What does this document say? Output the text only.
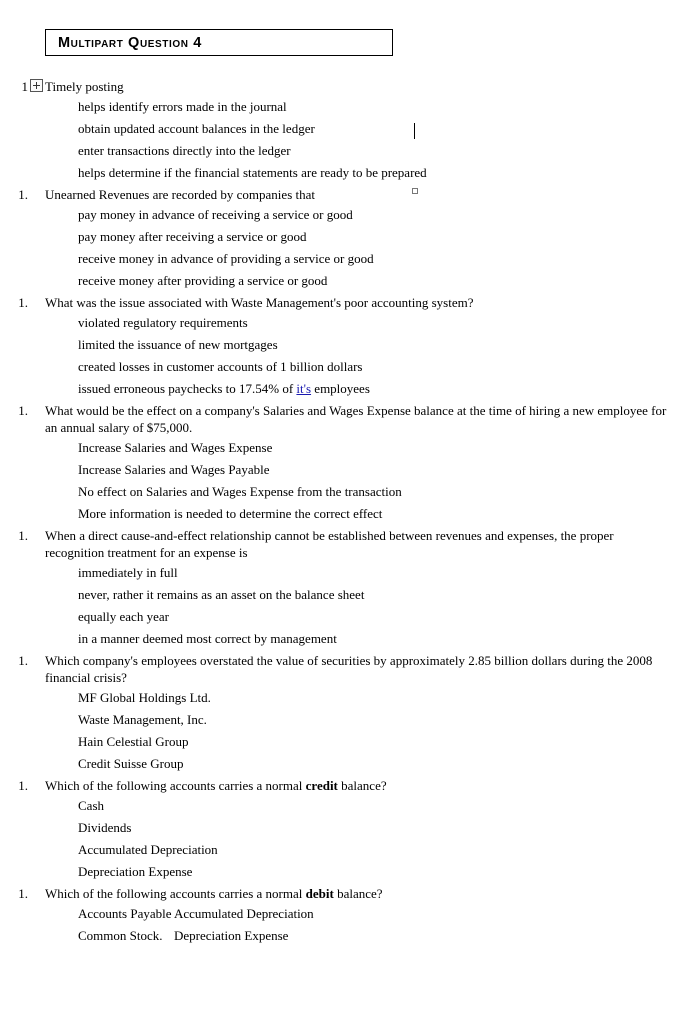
Multipart Question 4
1 Timely posting
helps identify errors made in the journal
obtain updated account balances in the ledger
enter transactions directly into the ledger
helps determine if the financial statements are ready to be prepared
1. Unearned Revenues are recorded by companies that
pay money in advance of receiving a service or good
pay money after receiving a service or good
receive money in advance of providing a service or good
receive money after providing a service or good
1. What was the issue associated with Waste Management's poor accounting system?
violated regulatory requirements
limited the issuance of new mortgages
created losses in customer accounts of 1 billion dollars
issued erroneous paychecks to 17.54% of it's employees
1. What would be the effect on a company's Salaries and Wages Expense balance at the time of hiring a new employee for an annual salary of $75,000.
Increase Salaries and Wages Expense
Increase Salaries and Wages Payable
No effect on Salaries and Wages Expense from the transaction
More information is needed to determine the correct effect
1. When a direct cause-and-effect relationship cannot be established between revenues and expenses, the proper recognition treatment for an expense is
immediately in full
never, rather it remains as an asset on the balance sheet
equally each year
in a manner deemed most correct by management
1. Which company's employees overstated the value of securities by approximately 2.85 billion dollars during the 2008 financial crisis?
MF Global Holdings Ltd.
Waste Management, Inc.
Hain Celestial Group
Credit Suisse Group
1. Which of the following accounts carries a normal credit balance?
Cash
Dividends
Accumulated Depreciation
Depreciation Expense
1. Which of the following accounts carries a normal debit balance?
Accounts Payable Accumulated Depreciation
Common Stock. Depreciation Expense
